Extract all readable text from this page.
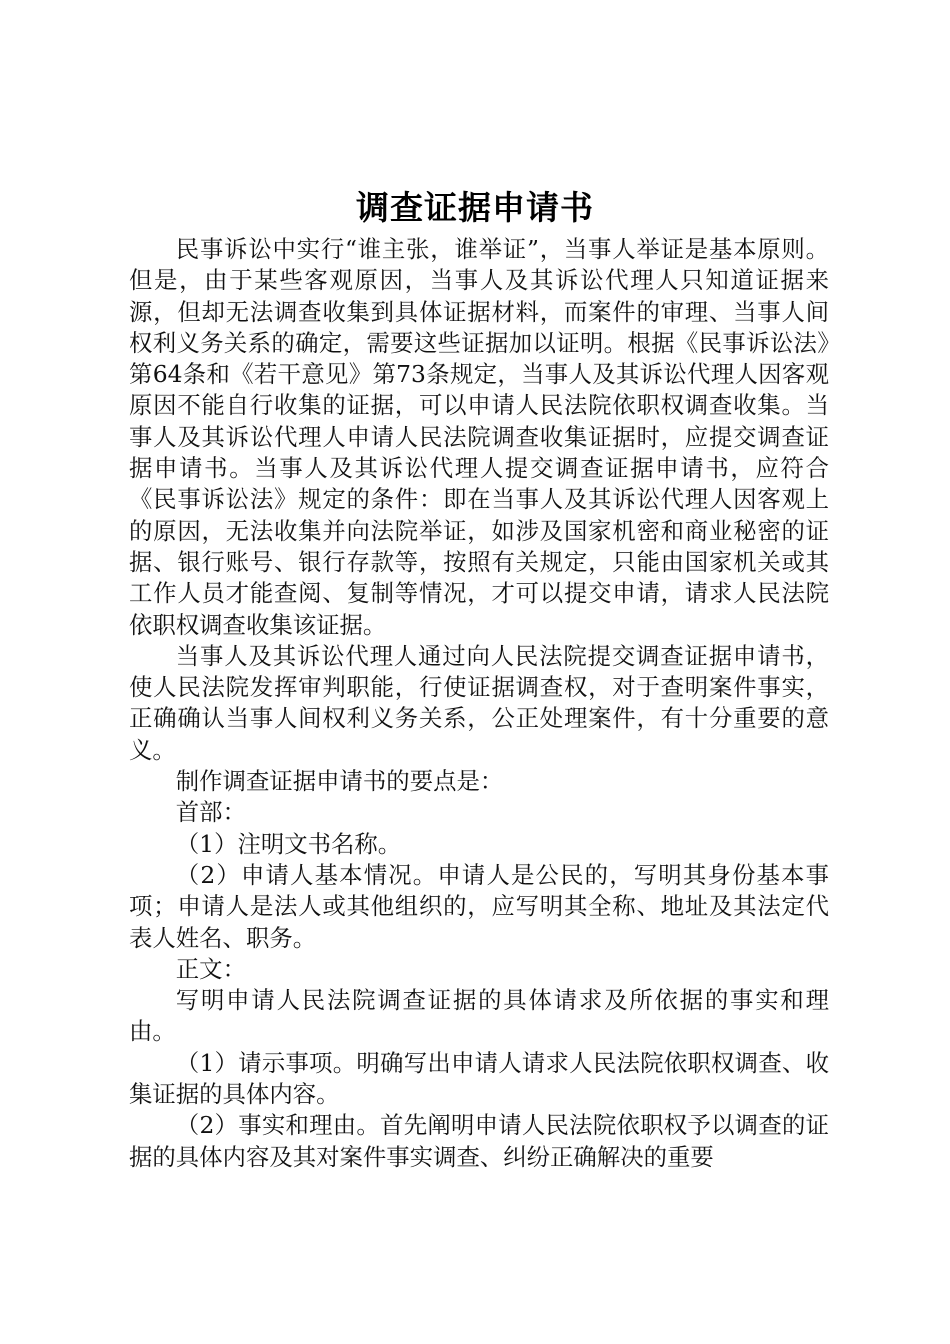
调查证据申请书

民事诉讼中实行“谁主张，谁举证”，当事人举证是基本原则。但是，由于某些客观原因，当事人及其诉讼代理人只知道证据来源，但却无法调查收集到具体证据材料，而案件的审理、当事人间权利义务关系的确定，需要这些证据加以证明。根据《民事诉讼法》第64条和《若干意见》第73条规定，当事人及其诉讼代理人因客观原因不能自行收集的证据，可以申请人民法院依职权调查收集。当事人及其诉讼代理人申请人民法院调查收集证据时，应提交调查证据申请书。当事人及其诉讼代理人提交调查证据申请书，应符合《民事诉讼法》规定的条件：即在当事人及其诉讼代理人因客观上的原因，无法收集并向法院举证，如涉及国家机密和商业秘密的证据、银行账号、银行存款等，按照有关规定，只能由国家机关或其工作人员才能查阅、复制等情况，才可以提交申请，请求人民法院依职权调查收集该证据。

当事人及其诉讼代理人通过向人民法院提交调查证据申请书，使人民法院发挥审判职能，行使证据调查权，对于查明案件事实，正确确认当事人间权利义务关系，公正处理案件，有十分重要的意义。

制作调查证据申请书的要点是：

首部：

（1）注明文书名称。

（2）申请人基本情况。申请人是公民的，写明其身份基本事项；申请人是法人或其他组织的，应写明其全称、地址及其法定代表人姓名、职务。

正文：

写明申请人民法院调查证据的具体请求及所依据的事实和理由。

（1）请示事项。明确写出申请人请求人民法院依职权调查、收集证据的具体内容。

（2）事实和理由。首先阐明申请人民法院依职权予以调查的证据的具体内容及其对案件事实调查、纠纷正确解决的重要
